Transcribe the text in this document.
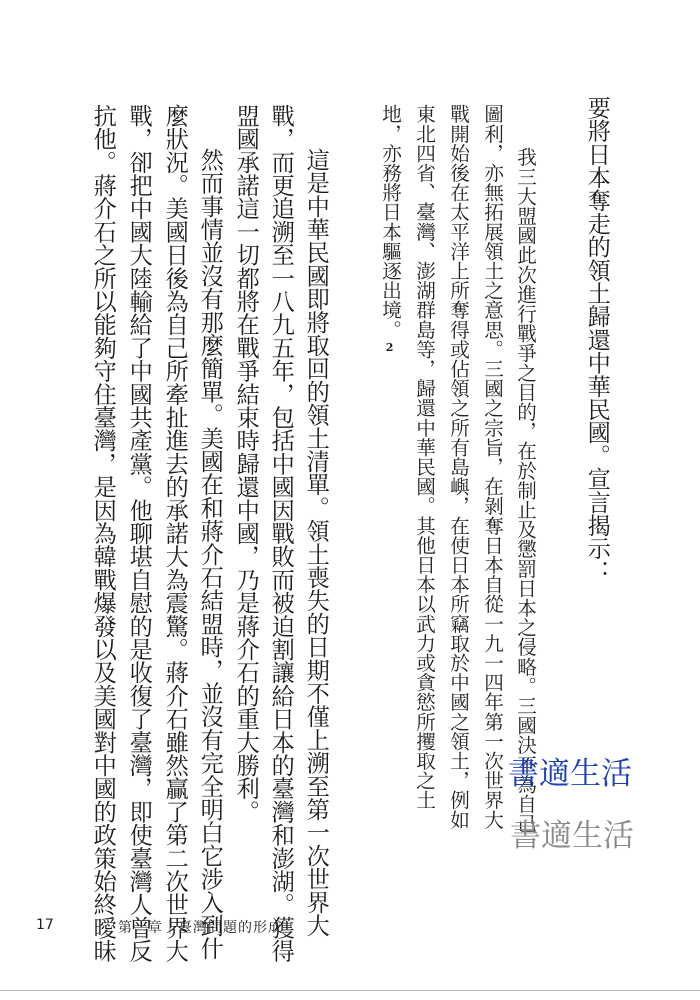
要將日本奪走的領土歸還中華民國。宣言揭示：
我三大盟國此次進行戰爭之目的，在於制止及懲罰日本之侵略。三國決不為自己
圖利，亦無拓展領土之意思。三國之宗旨，在剝奪日本自從一九一四年第一次世界大
戰開始後在太平洋上所奪得或佔領之所有島嶼，在使日本所竊取於中國之領土，例如
東北四省、臺灣、澎湖群島等，歸還中華民國。其他日本以武力或貪慾所攫取之土
地，亦務將日本驅逐出境。2
這是中華民國即將取回的領土清單。領土喪失的日期不僅上溯至第一次世界大
戰，而更追溯至一八九五年，包括中國因戰敗而被迫割讓給日本的臺灣和澎湖。獲得
盟國承諾這一切都將在戰爭結束時歸還中國，乃是蔣介石的重大勝利。
然而事情並沒有那麼簡單。美國在和蔣介石結盟時，並沒有完全明白它涉入到什
麼狀況。美國日後為自己所牽扯進去的承諾大為震驚。蔣介石雖然贏了第二次世界大
戰，卻把中國大陸輸給了中國共產黨。他聊堪自慰的是收復了臺灣，即使臺灣人曾反
抗他。蔣介石之所以能夠守住臺灣，是因為韓戰爆發以及美國對中國的政策始終曖昧	書適生活
書適生活
17	第一章｜臺灣問題的形成
